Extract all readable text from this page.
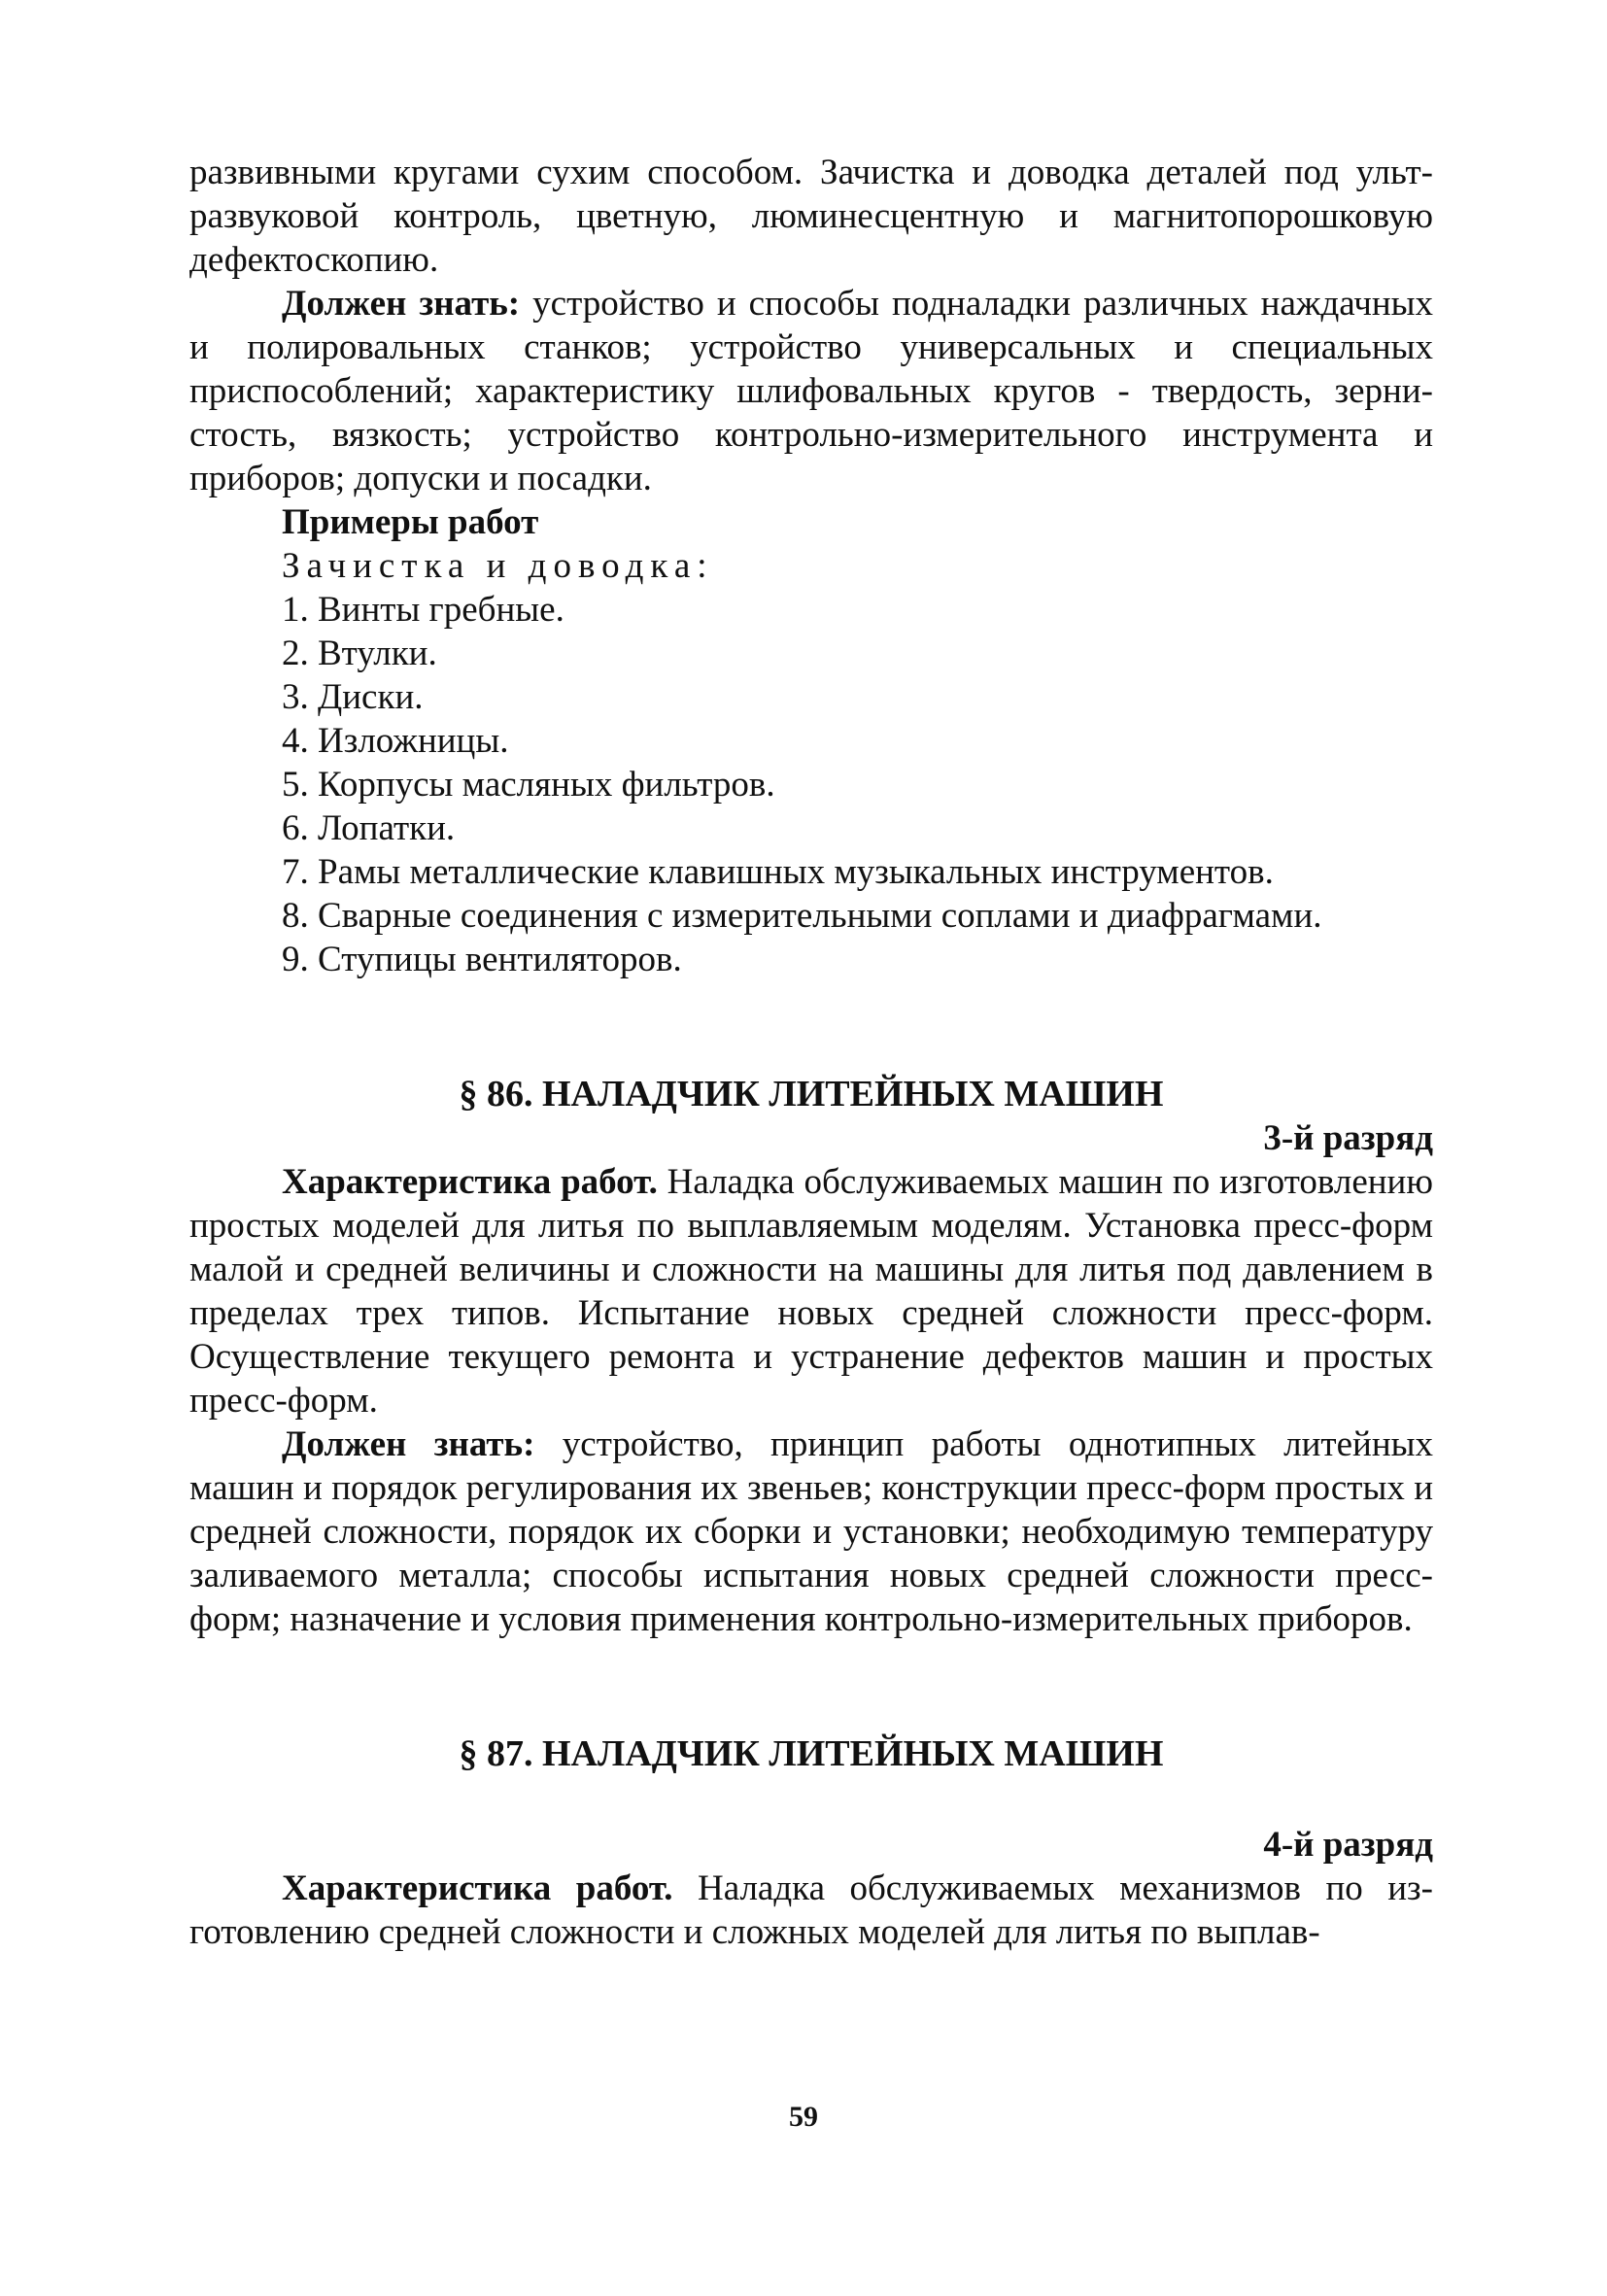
развивными кругами сухим способом. Зачистка и доводка деталей под ультразвуковой контроль, цветную, люминесцентную и магнитопорошковую дефектоскопию.

Должен знать: устройство и способы подналадки различных наждачных и полировальных станков; устройство универсальных и специальных приспособлений; характеристику шлифовальных кругов - твердость, зернистость, вязкость; устройство контрольно-измерительного инструмента и приборов; допуски и посадки.

Примеры работ

Зачистка и доводка:

1. Винты гребные.
2. Втулки.
3. Диски.
4. Изложницы.
5. Корпусы масляных фильтров.
6. Лопатки.
7. Рамы металлические клавишных музыкальных инструментов.
8. Сварные соединения с измерительными соплами и диафрагмами.
9. Ступицы вентиляторов.
§ 86. НАЛАДЧИК ЛИТЕЙНЫХ МАШИН

3-й разряд

Характеристика работ. Наладка обслуживаемых машин по изготовлению простых моделей для литья по выплавляемым моделям. Установка пресс-форм малой и средней величины и сложности на машины для литья под давлением в пределах трех типов. Испытание новых средней сложности пресс-форм. Осуществление текущего ремонта и устранение дефектов машин и простых пресс-форм.

Должен знать: устройство, принцип работы однотипных литейных машин и порядок регулирования их звеньев; конструкции пресс-форм простых и средней сложности, порядок их сборки и установки; необходимую температуру заливаемого металла; способы испытания новых средней сложности пресс-форм; назначение и условия применения контрольно-измерительных приборов.

§ 87. НАЛАДЧИК ЛИТЕЙНЫХ МАШИН

4-й разряд

Характеристика работ. Наладка обслуживаемых механизмов по изготовлению средней сложности и сложных моделей для литья по выплав-

59
